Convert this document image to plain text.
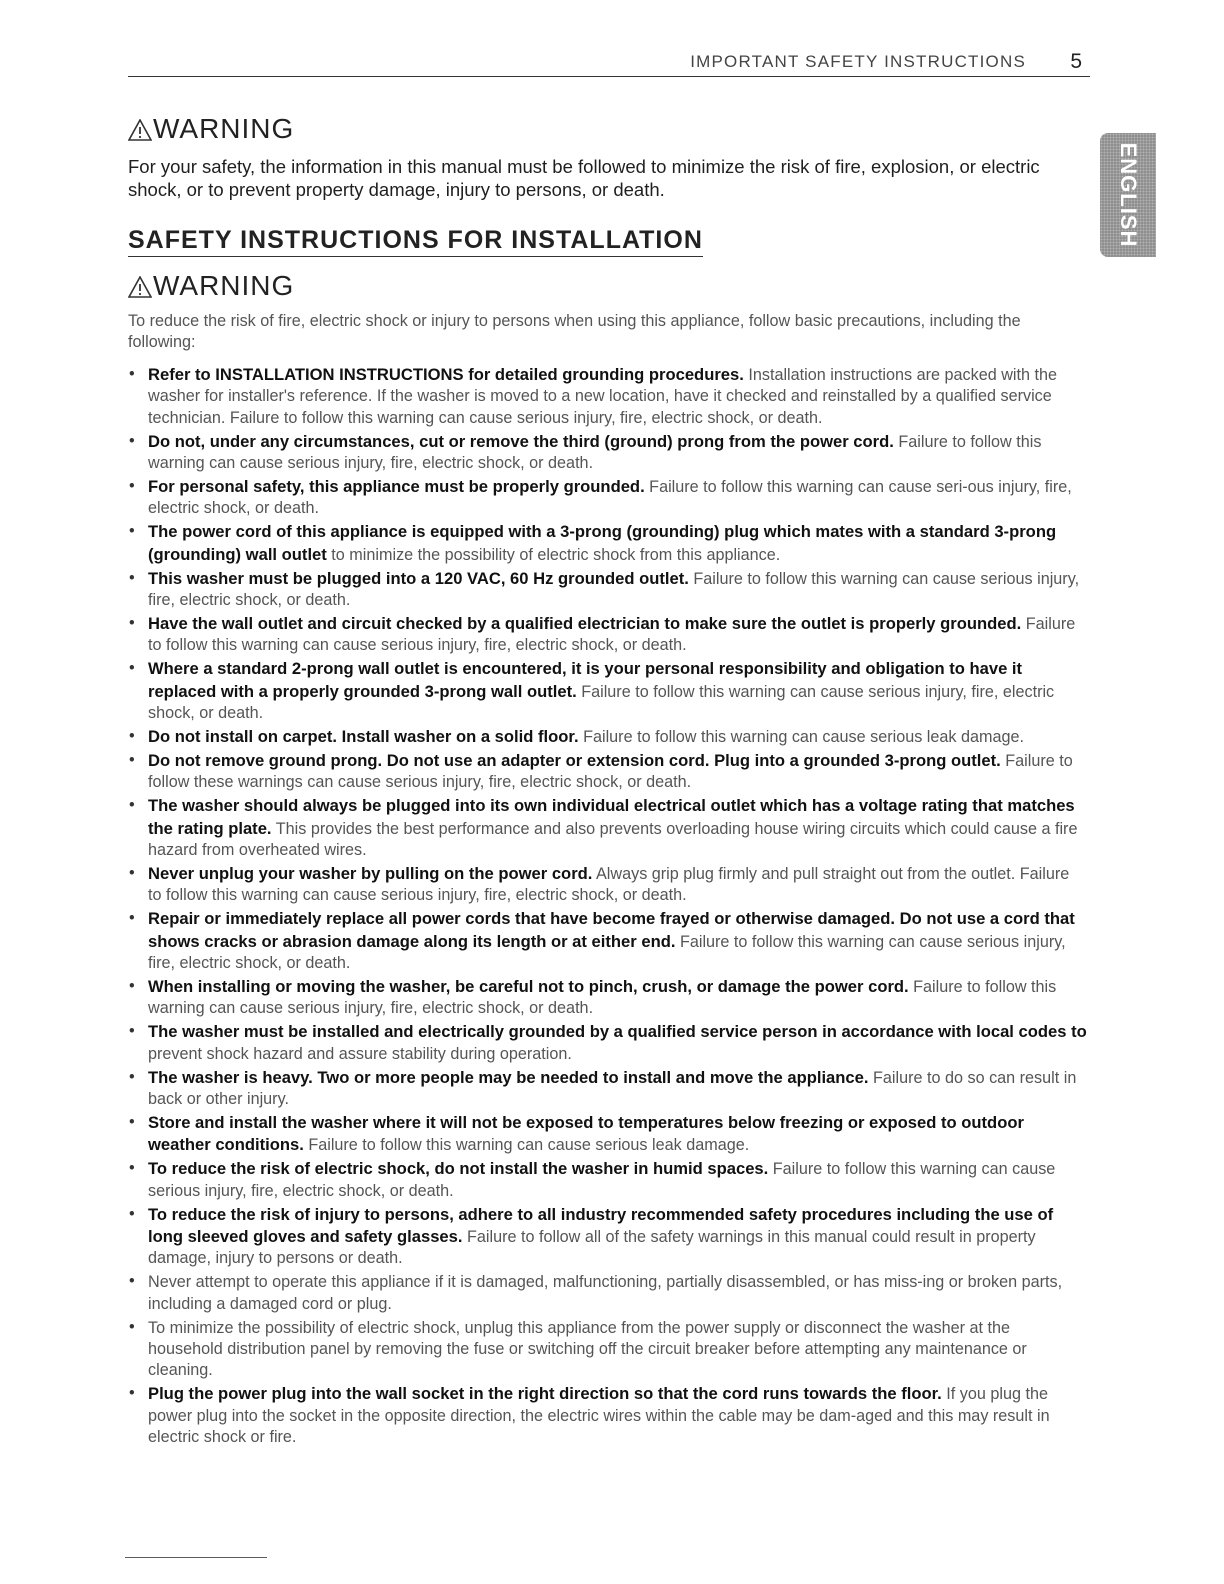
IMPORTANT SAFETY INSTRUCTIONS 5
ENGLISH
WARNING
For your safety, the information in this manual must be followed to minimize the risk of fire, explosion, or electric shock, or to prevent property damage, injury to persons, or death.
SAFETY INSTRUCTIONS FOR INSTALLATION
WARNING
To reduce the risk of fire, electric shock or injury to persons when using this appliance, follow basic precautions, including the following:
• Refer to INSTALLATION INSTRUCTIONS for detailed grounding procedures. Installation instructions are packed with the washer for installer's reference. If the washer is moved to a new location, have it checked and reinstalled by a qualified service technician. Failure to follow this warning can cause serious injury, fire, electric shock, or death.
• Do not, under any circumstances, cut or remove the third (ground) prong from the power cord. Failure to follow this warning can cause serious injury, fire, electric shock, or death.
• For personal safety, this appliance must be properly grounded. Failure to follow this warning can cause seri-ous injury, fire, electric shock, or death.
• The power cord of this appliance is equipped with a 3-prong (grounding) plug which mates with a standard 3-prong (grounding) wall outlet to minimize the possibility of electric shock from this appliance.
• This washer must be plugged into a 120 VAC, 60 Hz grounded outlet. Failure to follow this warning can cause serious injury, fire, electric shock, or death.
• Have the wall outlet and circuit checked by a qualified electrician to make sure the outlet is properly grounded. Failure to follow this warning can cause serious injury, fire, electric shock, or death.
• Where a standard 2-prong wall outlet is encountered, it is your personal responsibility and obligation to have it replaced with a properly grounded 3-prong wall outlet. Failure to follow this warning can cause serious injury, fire, electric shock, or death.
• Do not install on carpet. Install washer on a solid floor. Failure to follow this warning can cause serious leak damage.
• Do not remove ground prong. Do not use an adapter or extension cord. Plug into a grounded 3-prong outlet. Failure to follow these warnings can cause serious injury, fire, electric shock, or death.
• The washer should always be plugged into its own individual electrical outlet which has a voltage rating that matches the rating plate. This provides the best performance and also prevents overloading house wiring circuits which could cause a fire hazard from overheated wires.
• Never unplug your washer by pulling on the power cord. Always grip plug firmly and pull straight out from the outlet. Failure to follow this warning can cause serious injury, fire, electric shock, or death.
• Repair or immediately replace all power cords that have become frayed or otherwise damaged. Do not use a cord that shows cracks or abrasion damage along its length or at either end. Failure to follow this warning can cause serious injury, fire, electric shock, or death.
• When installing or moving the washer, be careful not to pinch, crush, or damage the power cord. Failure to follow this warning can cause serious injury, fire, electric shock, or death.
• The washer must be installed and electrically grounded by a qualified service person in accordance with local codes to prevent shock hazard and assure stability during operation.
• The washer is heavy. Two or more people may be needed to install and move the appliance. Failure to do so can result in back or other injury.
• Store and install the washer where it will not be exposed to temperatures below freezing or exposed to outdoor weather conditions. Failure to follow this warning can cause serious leak damage.
• To reduce the risk of electric shock, do not install the washer in humid spaces. Failure to follow this warning can cause serious injury, fire, electric shock, or death.
• To reduce the risk of injury to persons, adhere to all industry recommended safety procedures including the use of long sleeved gloves and safety glasses. Failure to follow all of the safety warnings in this manual could result in property damage, injury to persons or death.
• Never attempt to operate this appliance if it is damaged, malfunctioning, partially disassembled, or has miss-ing or broken parts, including a damaged cord or plug.
• To minimize the possibility of electric shock, unplug this appliance from the power supply or disconnect the washer at the household distribution panel by removing the fuse or switching off the circuit breaker before attempting any maintenance or cleaning.
• Plug the power plug into the wall socket in the right direction so that the cord runs towards the floor. If you plug the power plug into the socket in the opposite direction, the electric wires within the cable may be dam-aged and this may result in electric shock or fire.
